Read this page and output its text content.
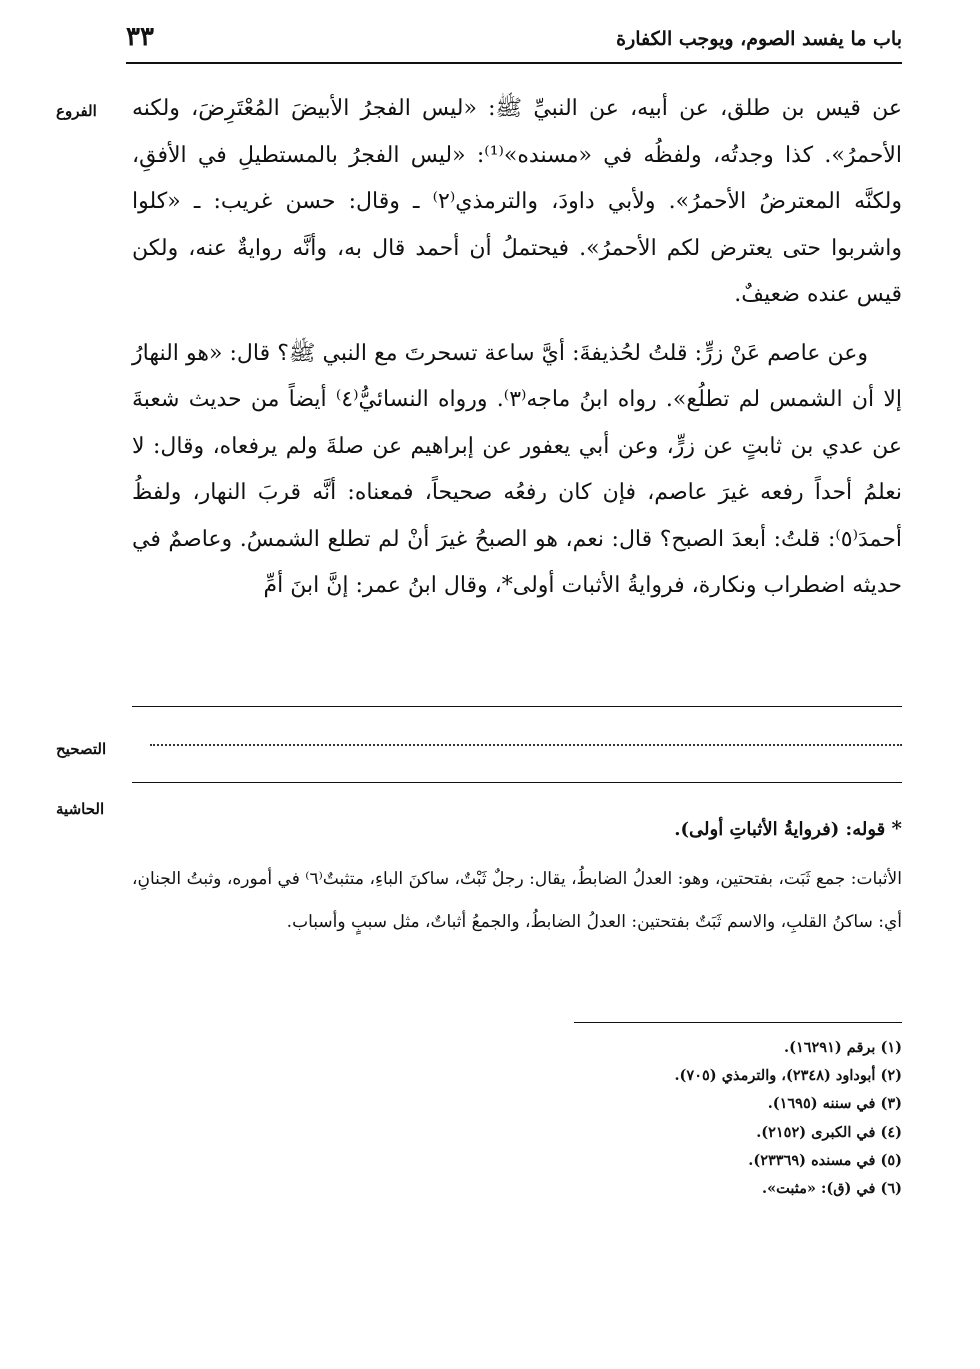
باب ما يفسد الصوم، ويوجب الكفارة
٣٣
الفروع
التصحيح
الحاشية

عن قيس بن طلق، عن أبيه، عن النبيِّ ﷺ: «ليس الفجرُ الأبيضَ المُعْتَرِضَ، ولكنه الأحمرُ». كذا وجدتُه، ولفظُه في «مسنده»⁽¹⁾: «ليس الفجرُ بالمستطيلِ في الأفقِ، ولكنَّه المعترضُ الأحمرُ». ولأبي داودَ، والترمذي⁽٢⁾ ـ وقال: حسن غريب: ـ «كلوا واشربوا حتى يعترض لكم الأحمرُ». فيحتملُ أن أحمد قال به، وأنَّه روايةٌ عنه، ولكن قيس عنده ضعيفٌ.

وعن عاصم عَنْ زرٍّ: قلتُ لحُذيفةَ: أيَّ ساعة تسحرتَ مع النبي ﷺ؟ قال: «هو النهارُ إلا أن الشمس لم تطلُع». رواه ابنُ ماجه⁽٣⁾. ورواه النسائيُّ⁽٤⁾ أيضاً من حديث شعبةَ عن عدي بن ثابتٍ عن زرٍّ، وعن أبي يعفور عن إبراهيم عن صلةَ ولم يرفعاه، وقال: لا نعلمُ أحداً رفعه غيرَ عاصم، فإن كان رفعُه صحيحاً، فمعناه: أنَّه قربَ النهار، ولفظُ أحمدَ⁽٥⁾: قلتُ: أبعدَ الصبح؟ قال: نعم، هو الصبحُ غيرَ أنْ لم تطلع الشمسُ. وعاصمٌ في حديثه اضطراب ونكارة، فروايةُ الأثبات أولى*، وقال ابنُ عمر: إنَّ ابنَ أمِّ

* قوله: (فروايةُ الأثباتِ أولى).

الأثبات: جمع ثَبَت، بفتحتين، وهو: العدلُ الضابطُ، يقال: رجلٌ ثَبْتٌ، ساكنَ الباءِ، متثبتٌ⁽٦⁾ في أموره، وثبتُ الجنانِ، أي: ساكنُ القلبِ، والاسم ثَبَتٌ بفتحتين: العدلُ الضابطُ، والجمعُ أثباتٌ، مثل سببٍ وأسباب.

(١) برقم (١٦٢٩١).

(٢) أبوداود (٢٣٤٨)، والترمذي (٧٠٥).

(٣) في سننه (١٦٩٥).

(٤) في الكبرى (٢١٥٢).

(٥) في مسنده (٢٣٣٦٩).

(٦) في (ق): «مثبت».
